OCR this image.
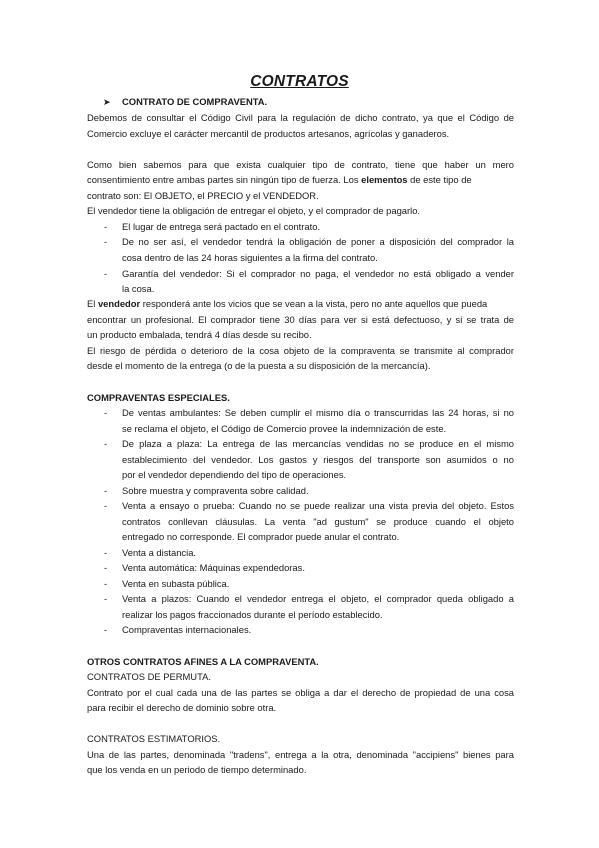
CONTRATOS
➤ CONTRATO DE COMPRAVENTA.
Debemos de consultar el Código Civil para la regulación de dicho contrato, ya que el Código de
Comercio excluye el carácter mercantil de productos artesanos, agrícolas y ganaderos.
Como bien sabemos para que exista cualquier tipo de contrato, tiene que haber un mero
consentimiento entre ambas partes sin ningún tipo de fuerza. Los elementos de este tipo de
contrato son: El OBJETO, el PRECIO y el VENDEDOR.
El vendedor tiene la obligación de entregar el objeto, y el comprador de pagarlo.
- El lugar de entrega será pactado en el contrato.
- De no ser así, el vendedor tendrá la obligación de poner a disposición del comprador la
cosa dentro de las 24 horas siguientes a la firma del contrato.
- Garantía del vendedor: Si el comprador no paga, el vendedor no está obligado a vender
la cosa.
El vendedor responderá ante los vicios que se vean a la vista, pero no ante aquellos que pueda
encontrar un profesional. El comprador tiene 30 días para ver si está defectuoso, y si se trata de
un producto embalada, tendrá 4 días desde su recibo.
El riesgo de pérdida o deterioro de la cosa objeto de la compraventa se transmite al comprador
desde el momento de la entrega (o de la puesta a su disposición de la mercancía).
COMPRAVENTAS ESPECIALES.
- De ventas ambulantes: Se deben cumplir el mismo día o transcurridas las 24 horas, si no
se reclama el objeto, el Código de Comercio provee la indemnización de este.
- De plaza a plaza: La entrega de las mercancías vendidas no se produce en el mismo
establecimiento del vendedor. Los gastos y riesgos del transporte son asumidos o no
por el vendedor dependiendo del tipo de operaciones.
- Sobre muestra y compraventa sobre calidad.
- Venta a ensayo o prueba: Cuando no se puede realizar una vista previa del objeto. Estos
contratos conllevan cláusulas. La venta "ad gustum" se produce cuando el objeto
entregado no corresponde. El comprador puede anular el contrato.
- Venta a distancia.
- Venta automática: Máquinas expendedoras.
- Venta en subasta pública.
- Venta a plazos: Cuando el vendedor entrega el objeto, el comprador queda obligado a
realizar los pagos fraccionados durante el período establecido.
- Compraventas internacionales.
OTROS CONTRATOS AFINES A LA COMPRAVENTA.
CONTRATOS DE PERMUTA.
Contrato por el cual cada una de las partes se obliga a dar el derecho de propiedad de una cosa
para recibir el derecho de dominio sobre otra.
CONTRATOS ESTIMATORIOS.
Una de las partes, denominada "tradens", entrega a la otra, denominada "accipiens" bienes para
que los venda en un periodo de tiempo determinado.
